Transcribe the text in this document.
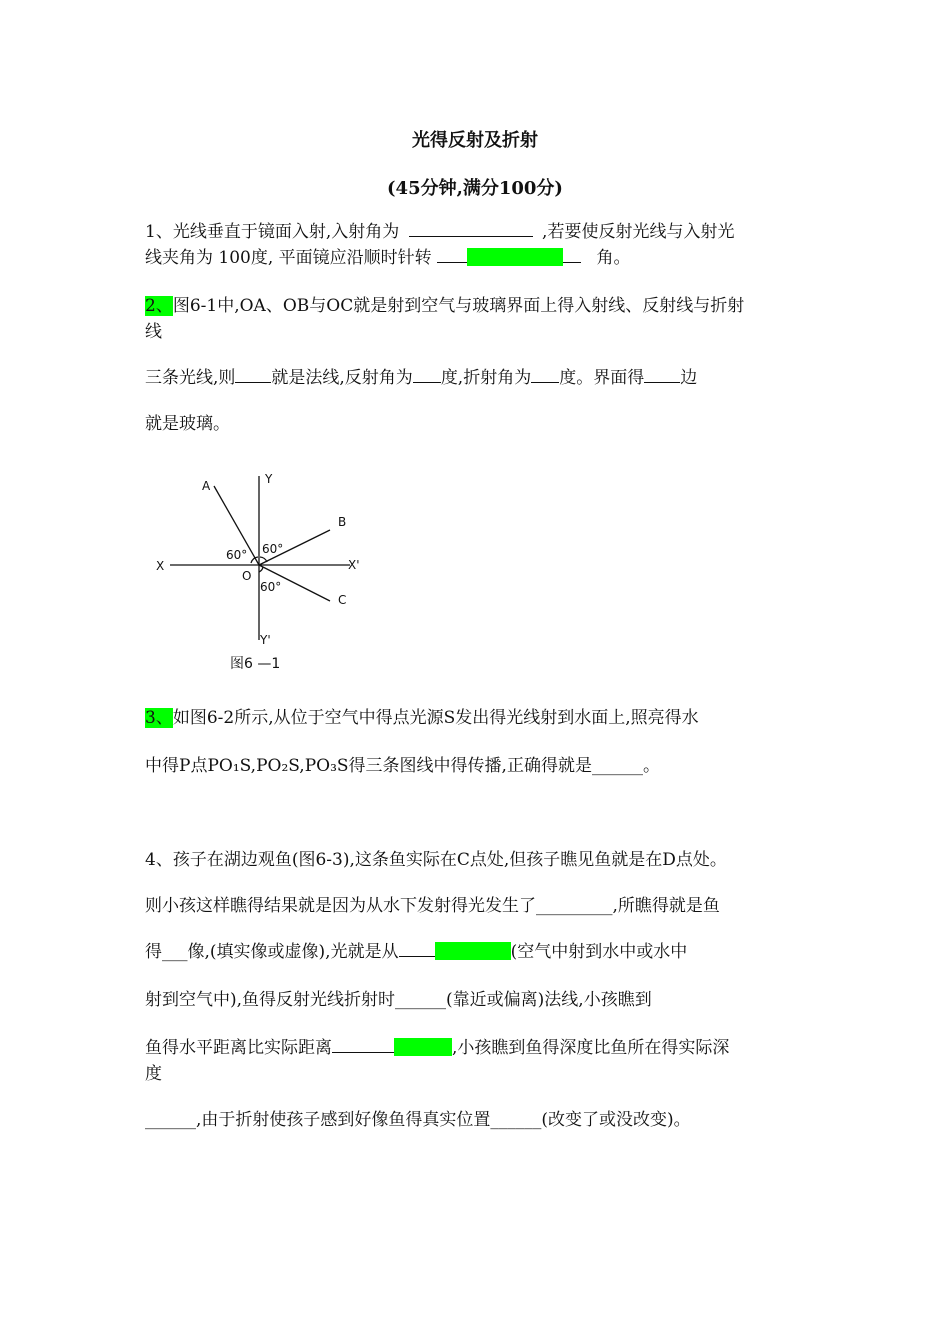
光得反射及折射
(45分钟,满分100分)
1、光线垂直于镜面入射,入射角为	,若要使反射光线与入射光
线夹角为 100度, 平面镜应沿顺时针转	角。
2、图6-1中,OA、OB与OC就是射到空气与玻璃界面上得入射线、反射线与折射
线
三条光线,则 就是法线,反射角为 度,折射角为 度。界面得 边
就是玻璃。
A	Y
B
X	X'
O
60° 60°
60°
C
Y'
图6 —1
3、如图6-2所示,从位于空气中得点光源S发出得光线射到水面上,照亮得水
中得P点PO₁S,PO₂S,PO₃S得三条图线中得传播,正确得就是______。
4、孩子在湖边观鱼(图6-3),这条鱼实际在C点处,但孩子瞧见鱼就是在D点处。
则小孩这样瞧得结果就是因为从水下发射得光发生了_________,所瞧得就是鱼
得___像,(填实像或虚像),光就是从	(空气中射到水中或水中
射到空气中),鱼得反射光线折射时______(靠近或偏离)法线,小孩瞧到
鱼得水平距离比实际距离	,小孩瞧到鱼得深度比鱼所在得实际深
度
______,由于折射使孩子感到好像鱼得真实位置______(改变了或没改变)。
